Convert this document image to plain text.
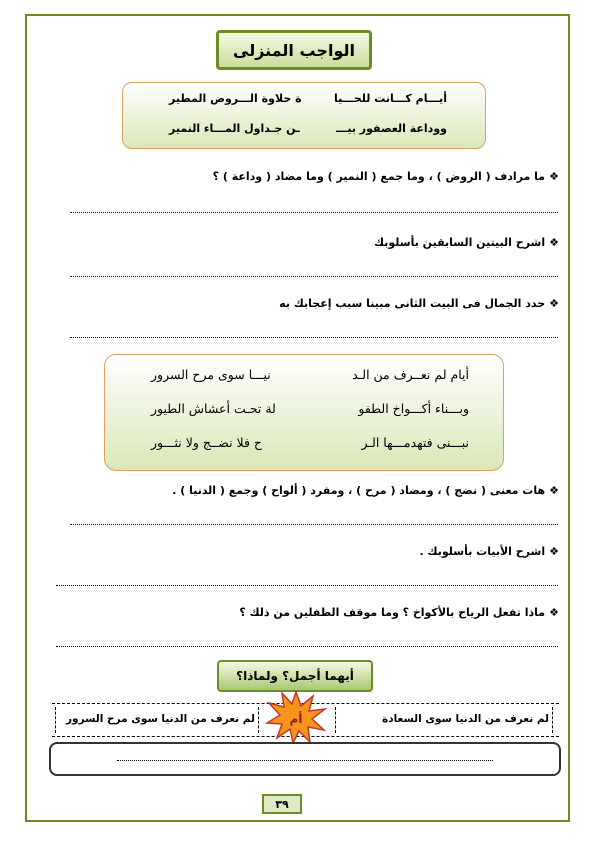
الواجب المنزلى
أيـــام كـــانت للحـــيا
ة حلاوة الـــروض المطير
ووداعة العصفور بيـــ
ـن جـداول المـــاء النمير
❖ما مرادف ( الروض ) ، وما جمع ( النمير ) وما مضاد ( وداعة ) ؟
❖اشرح البيتين السابقين بأسلوبك
❖حدد الجمال فى البيت الثانى مبينا سبب إعجابك به
أيام لم نعــرف من الـد
نيـــا سوى مرح السرور
وبـــناء أكـــواخ الطفو
لة تحـت أعشاش الطيور
نبـــنى فتهدمـــها الـر
ح فلا نضــج ولا نثـــور
❖هات معنى ( نضج ) ، ومضاد ( مرح ) ، ومفرد ( ألواح ) وجمع ( الدنيا ) .
❖اشرح الأبيات بأسلوبك .
❖ماذا تفعل الرياح بالأكواخ ؟ وما موقف الطفلين من ذلك ؟
أيهما أجمل؟ ولماذا؟
لم نعرف من الدنيا سوى السعادة
لم نعرف من الدنيا سوى مرح السرور	أم
٣٩
